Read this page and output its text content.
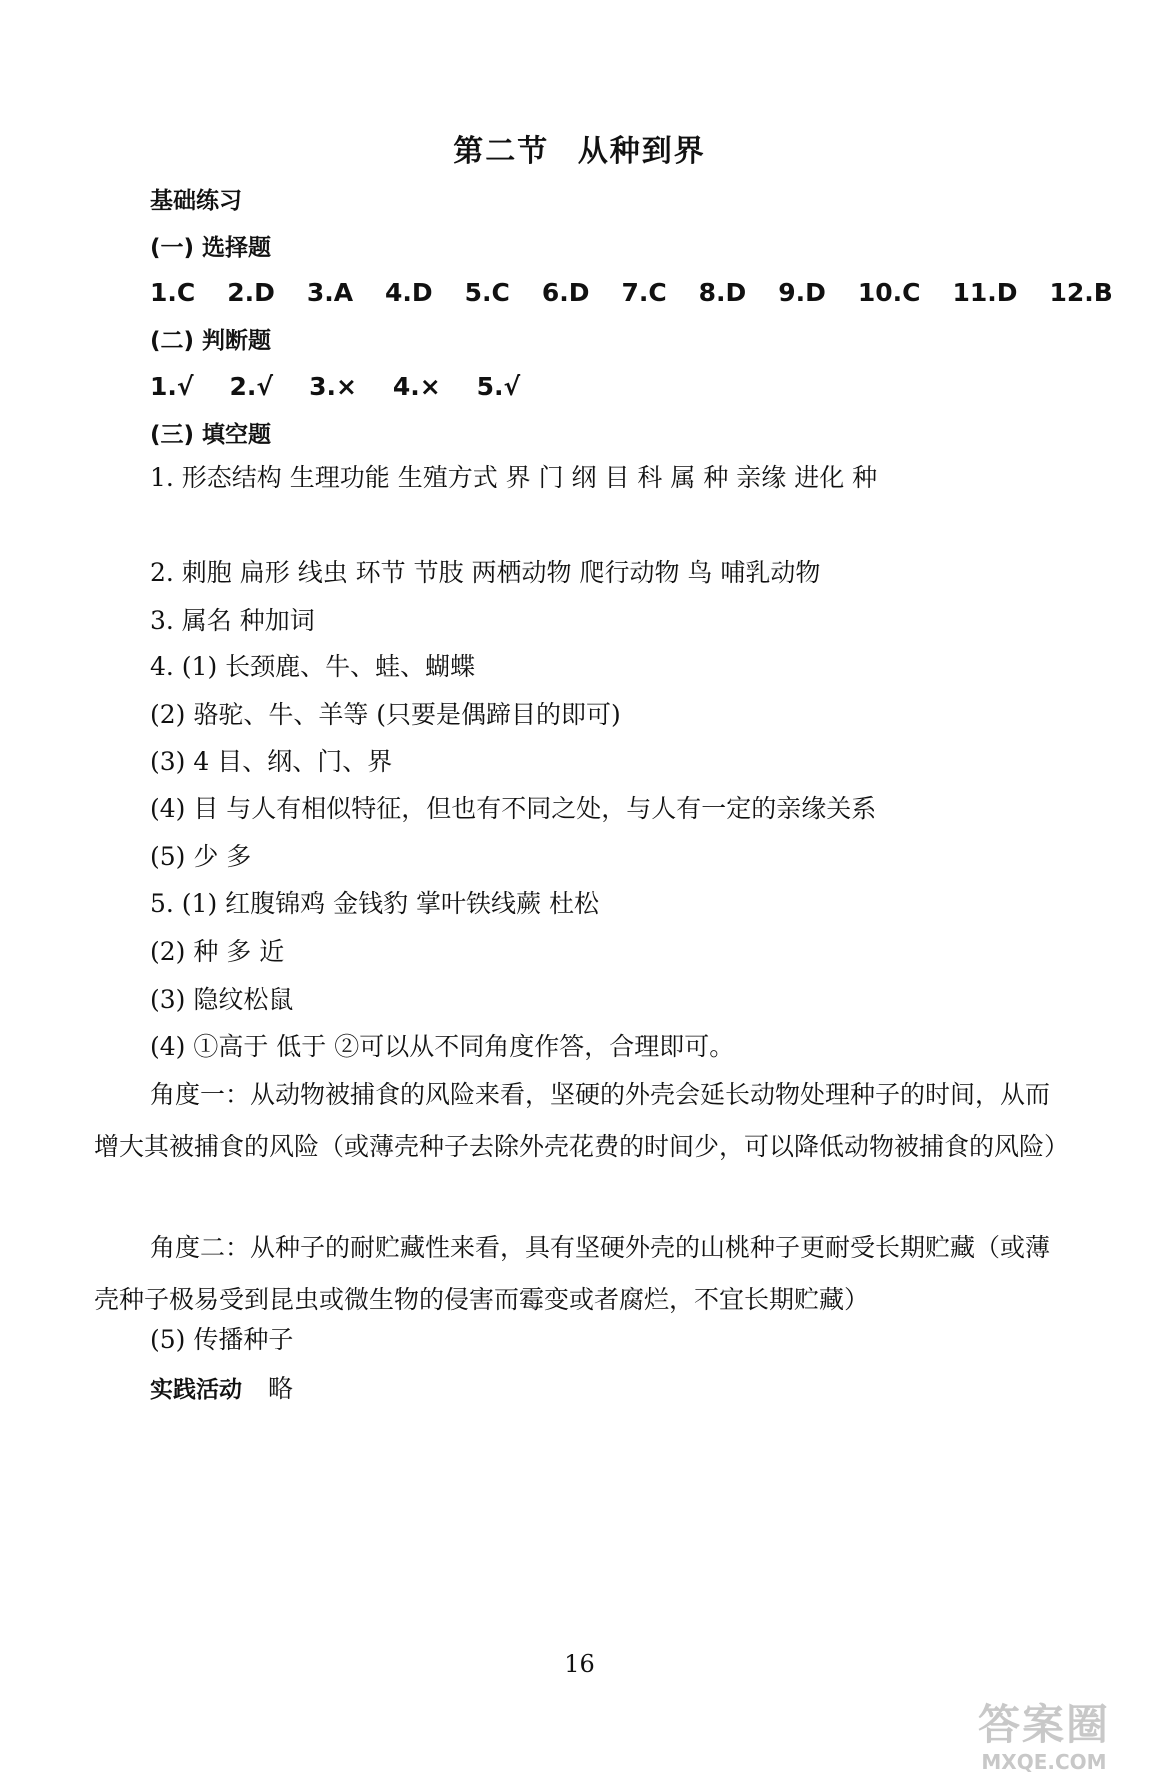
第二节 从种到界
基础练习
(一) 选择题
1.C 2.D 3.A 4.D 5.C 6.D 7.C 8.D 9.D 10.C 11.D 12.B
(二) 判断题
1.√ 2.√ 3.× 4.× 5.√
(三) 填空题
1. 形态结构 生理功能 生殖方式 界 门 纲 目 科 属 种 亲缘 进化 种
2. 刺胞 扁形 线虫 环节 节肢 两栖动物 爬行动物 鸟 哺乳动物
3. 属名 种加词
4. (1) 长颈鹿、牛、蛙、蝴蝶
(2) 骆驼、牛、羊等 (只要是偶蹄目的即可)
(3) 4 目、纲、门、界
(4) 目 与人有相似特征，但也有不同之处，与人有一定的亲缘关系
(5) 少 多
5. (1) 红腹锦鸡 金钱豹 掌叶铁线蕨 杜松
(2) 种 多 近
(3) 隐纹松鼠
(4) ①高于 低于 ②可以从不同角度作答，合理即可。
角度一：从动物被捕食的风险来看，坚硬的外壳会延长动物处理种子的时间，从而增大其被捕食的风险（或薄壳种子去除外壳花费的时间少，可以降低动物被捕食的风险）
角度二：从种子的耐贮藏性来看，具有坚硬外壳的山桃种子更耐受长期贮藏（或薄壳种子极易受到昆虫或微生物的侵害而霉变或者腐烂，不宜长期贮藏）
(5) 传播种子
实践活动 略
16
答案圈
MXQE.COM
